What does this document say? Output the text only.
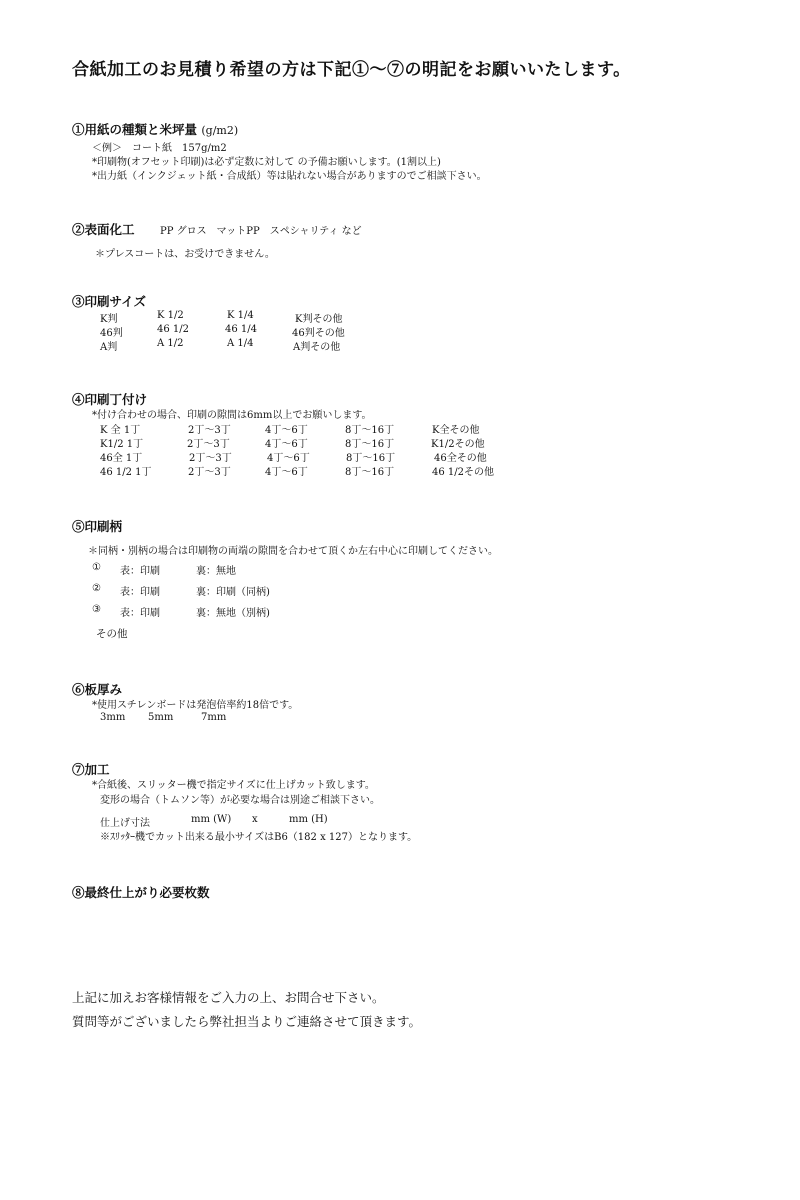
合紙加工のお見積り希望の方は下記①～⑦の明記をお願いいたします。
①用紙の種類と米坪量 (g/m2)
＜例＞　コート紙　157g/m2
*印刷物(オフセット印刷)は必ず定数に対して の予備お願いします。(1割以上)
*出力紙（インクジェット紙・合成紙）等は貼れない場合がありますのでご相談下さい。
②表面化工	PP グロス　マットPP　スペシャリティ など
＊プレスコートは、お受けできません。
③印刷サイズ
K判	K 1/2	K 1/4	K判その他
46判	46 1/2	46 1/4	46判その他
A判	A 1/2	A 1/4	A判その他
④印刷丁付け
*付け合わせの場合、印刷の隙間は6mm以上でお願いします。
K 全 1丁	2丁～3丁	4丁～6丁	8丁～16丁	K全その他
K1/2 1丁	2丁～3丁	4丁～6丁	8丁～16丁	K1/2その他
46全 1丁	2丁～3丁	4丁～6丁	8丁～16丁	46全その他
46 1/2 1丁	2丁～3丁	4丁～6丁	8丁～16丁	46 1/2その他
⑤印刷柄
＊同柄・別柄の場合は印刷物の両端の隙間を合わせて頂くか左右中心に印刷してください。
① 表：印刷	裏：無地
② 表：印刷	裏：印刷（同柄)
③ 表：印刷	裏：無地（別柄)
その他
⑥板厚み
*使用スチレンボードは発泡倍率約18倍です。
3mm 5mm	7mm
⑦加工
*合紙後、スリッター機で指定サイズに仕上げカット致します。
変形の場合（トムソン等）が必要な場合は別途ご相談下さい。
仕上げ寸法	mm (W) x	mm (H)
※ｽﾘｯﾀｰ機でカット出来る最小サイズはB6（182 x 127）となります。
⑧最終仕上がり必要枚数
上記に加えお客様情報をご入力の上、お問合せ下さい。
質問等がございましたら弊社担当よりご連絡させて頂きます。
